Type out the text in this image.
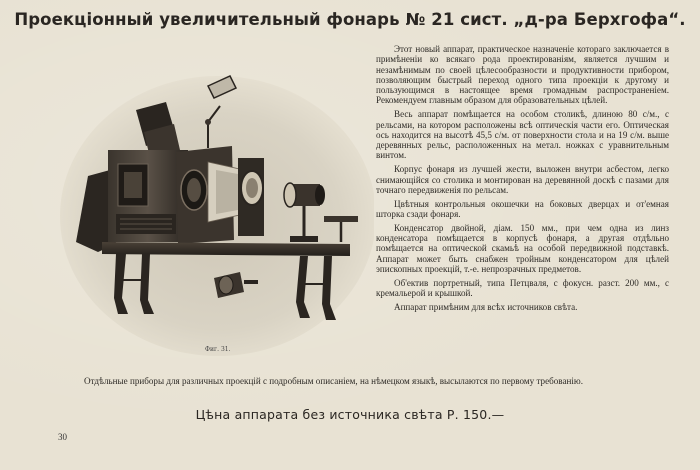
Проекціонный увеличительный фонарь № 21 сист. „д-ра Берхгофа“.
Фиг. 31.

Этот новый аппарат, практическое назначеніе котораго заключается в примѣненіи ко всякаго рода проектированіям, является лучшим и незамѣнимым по своей цѣлесообразности и продуктивности прибором, позволяющим быстрый переход одного типа проекціи к другому и пользующимся в настоящее время громадным распространеніем. Рекомендуем главным образом для образовательных цѣлей.

Весь аппарат помѣщается на особом столикѣ, длиною 80 с/м., с рельсами, на котором расположены всѣ оптическія части его. Оптическая ось находится на высотѣ 45,5 с/м. от поверхности стола и на 19 с/м. выше деревянных рельс, расположенных на метал. ножках с уравнительным винтом.

Корпус фонаря из лучшей жести, выложен внутри асбестом, легко снимающійся со столика и монтирован на деревянной доскѣ с пазами для точнаго передвиженія по рельсам.

Цвѣтныя контрольныя окошечки на боковых дверцах и от'емная шторка сзади фонаря.

Конденсатор двойной, діам. 150 мм., при чем одна из линз конденсатора помѣщается в корпусѣ фонаря, а другая отдѣльно помѣщается на оптической скамьѣ на особой передвижной подставкѣ. Аппарат может быть снабжен тройным конденсатором для цѣлей эпископных проекцій, т.-е. непрозрачных предметов.

Об'ектив портретный, типа Петцваля, с фокусн. разст. 200 мм., с кремальерой и крышкой.

Аппарат примѣним для всѣх источников свѣта.

Отдѣльные приборы для различных проекцій с подробным описаніем, на нѣмецком языкѣ, высылаются по первому требованію.

Цѣна аппарата без источника свѣта Р. 150.—
30
